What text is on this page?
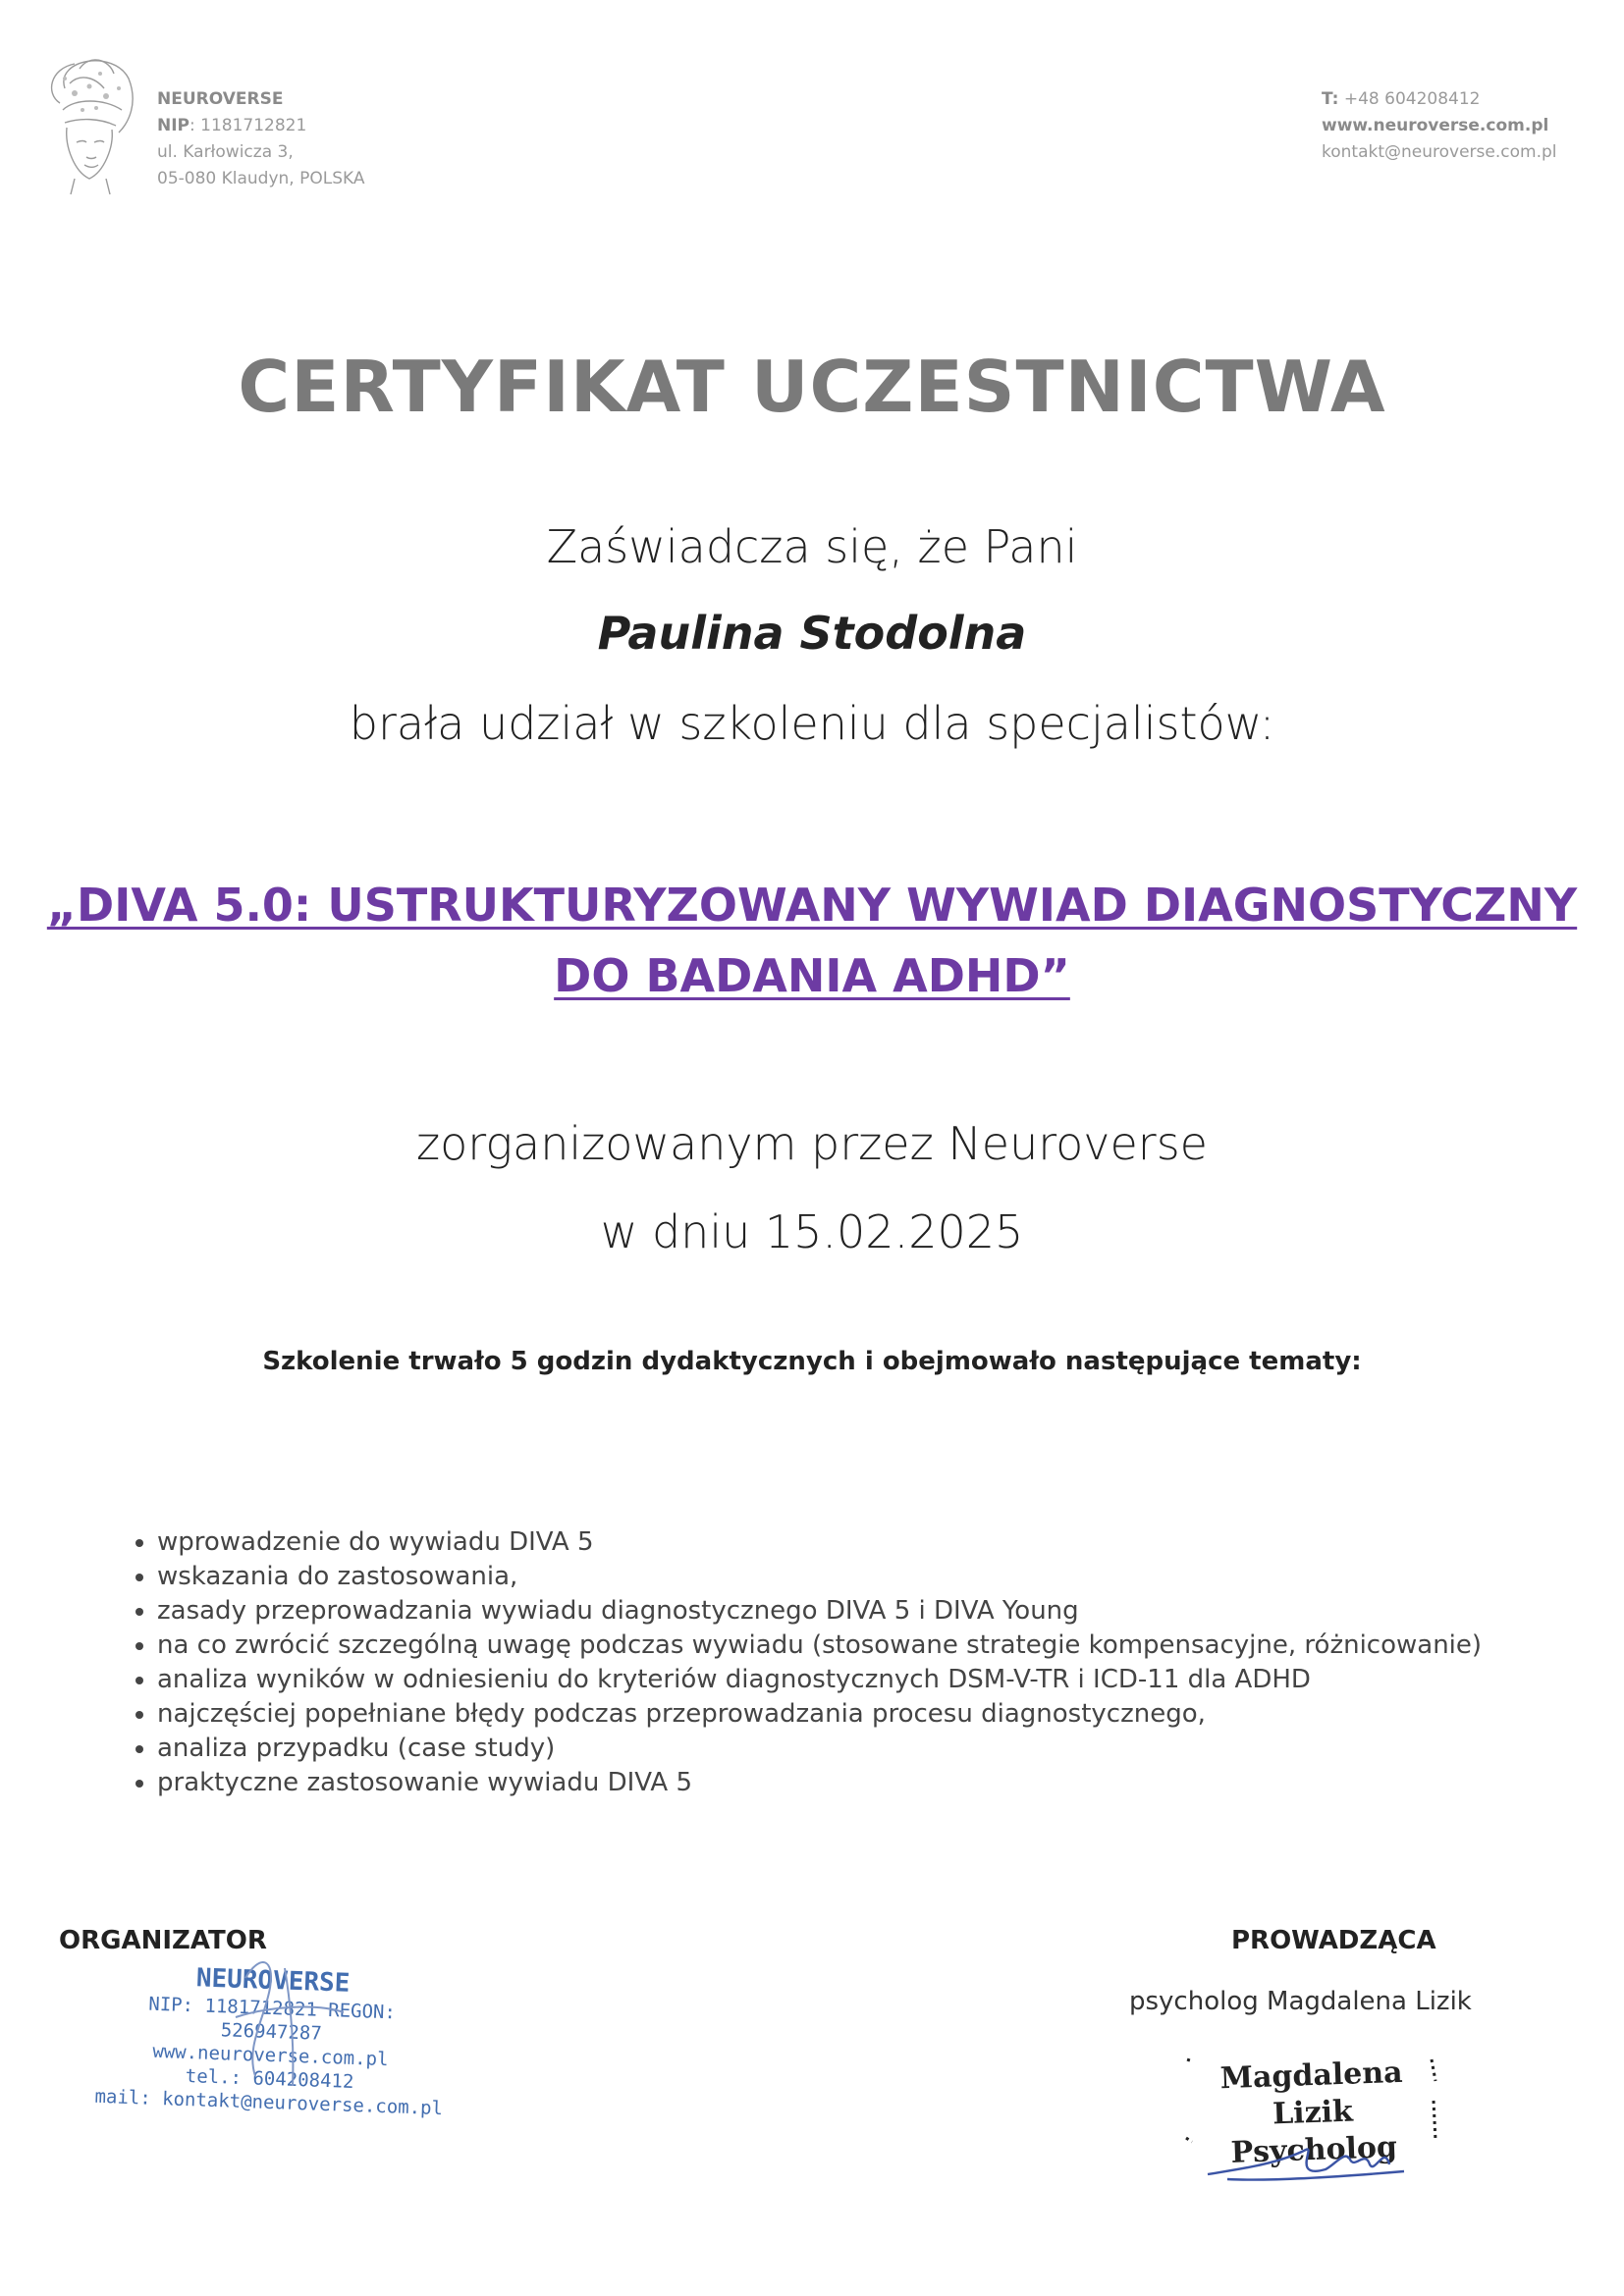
NEUROVERSE
NIP: 1181712821
ul. Karłowicza 3,
05-080 Klaudyn, POLSKA
T: +48 604208412
www.neuroverse.com.pl
kontakt@neuroverse.com.pl
CERTYFIKAT UCZESTNICTWA
Zaświadcza się, że Pani
Paulina Stodolna
brała udział w szkoleniu dla specjalistów:
„DIVA 5.0: USTRUKTURYZOWANY WYWIAD DIAGNOSTYCZNY
DO BADANIA ADHD”
zorganizowanym przez Neuroverse
w dniu 15.02.2025
Szkolenie trwało 5 godzin dydaktycznych i obejmowało następujące tematy:
• wprowadzenie do wywiadu DIVA 5
• wskazania do zastosowania,
• zasady przeprowadzania wywiadu diagnostycznego DIVA 5 i DIVA Young
• na co zwrócić szczególną uwagę podczas wywiadu (stosowane strategie kompensacyjne, różnicowanie)
• analiza wyników w odniesieniu do kryteriów diagnostycznych DSM-V-TR i ICD-11 dla ADHD
• najczęściej popełniane błędy podczas przeprowadzania procesu diagnostycznego,
• analiza przypadku (case study)
• praktyczne zastosowanie wywiadu DIVA 5
ORGANIZATOR
NEUROVERSE
NIP: 1181712821 REGON: 526947287
www.neuroverse.com.pl
tel.: 604208412
mail: kontakt@neuroverse.com.pl
PROWADZĄCA
psycholog Magdalena Lizik
Magdalena Lizik
Psycholog
